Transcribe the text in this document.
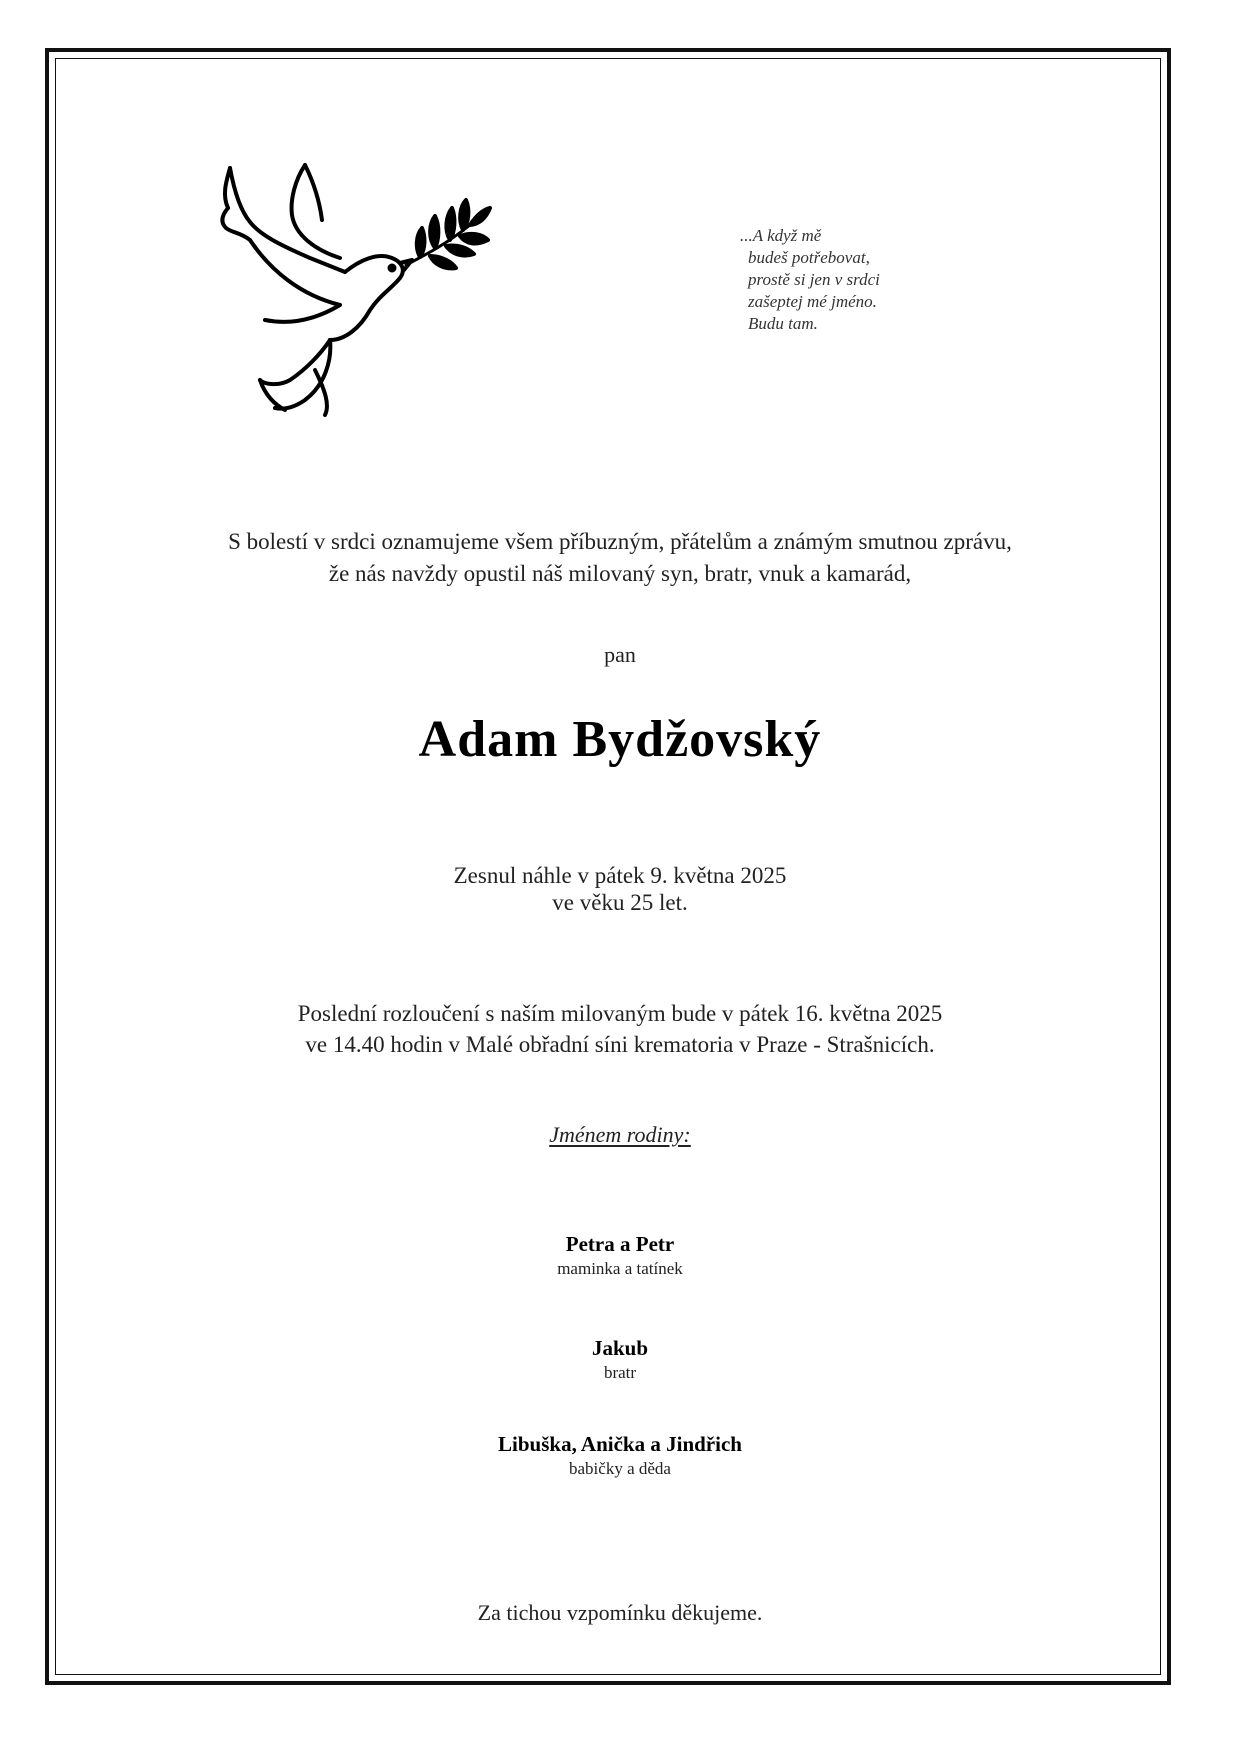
...A když mě
budeš potřebovat,
prostě si jen v srdci
zašeptej mé jméno.
Budu tam.
S bolestí v srdci oznamujeme všem příbuzným, přátelům a známým smutnou zprávu,
že nás navždy opustil náš milovaný syn, bratr, vnuk a kamarád,
pan
Adam Bydžovský
Zesnul náhle v pátek 9. května 2025
ve věku 25 let.
Poslední rozloučení s naším milovaným bude v pátek 16. května 2025
ve 14.40 hodin v Malé obřadní síni krematoria v Praze - Strašnicích.
Jménem rodiny:
Petra a Petr
maminka a tatínek
Jakub
bratr
Libuška, Anička a Jindřich
babičky a děda
Za tichou vzpomínku děkujeme.
